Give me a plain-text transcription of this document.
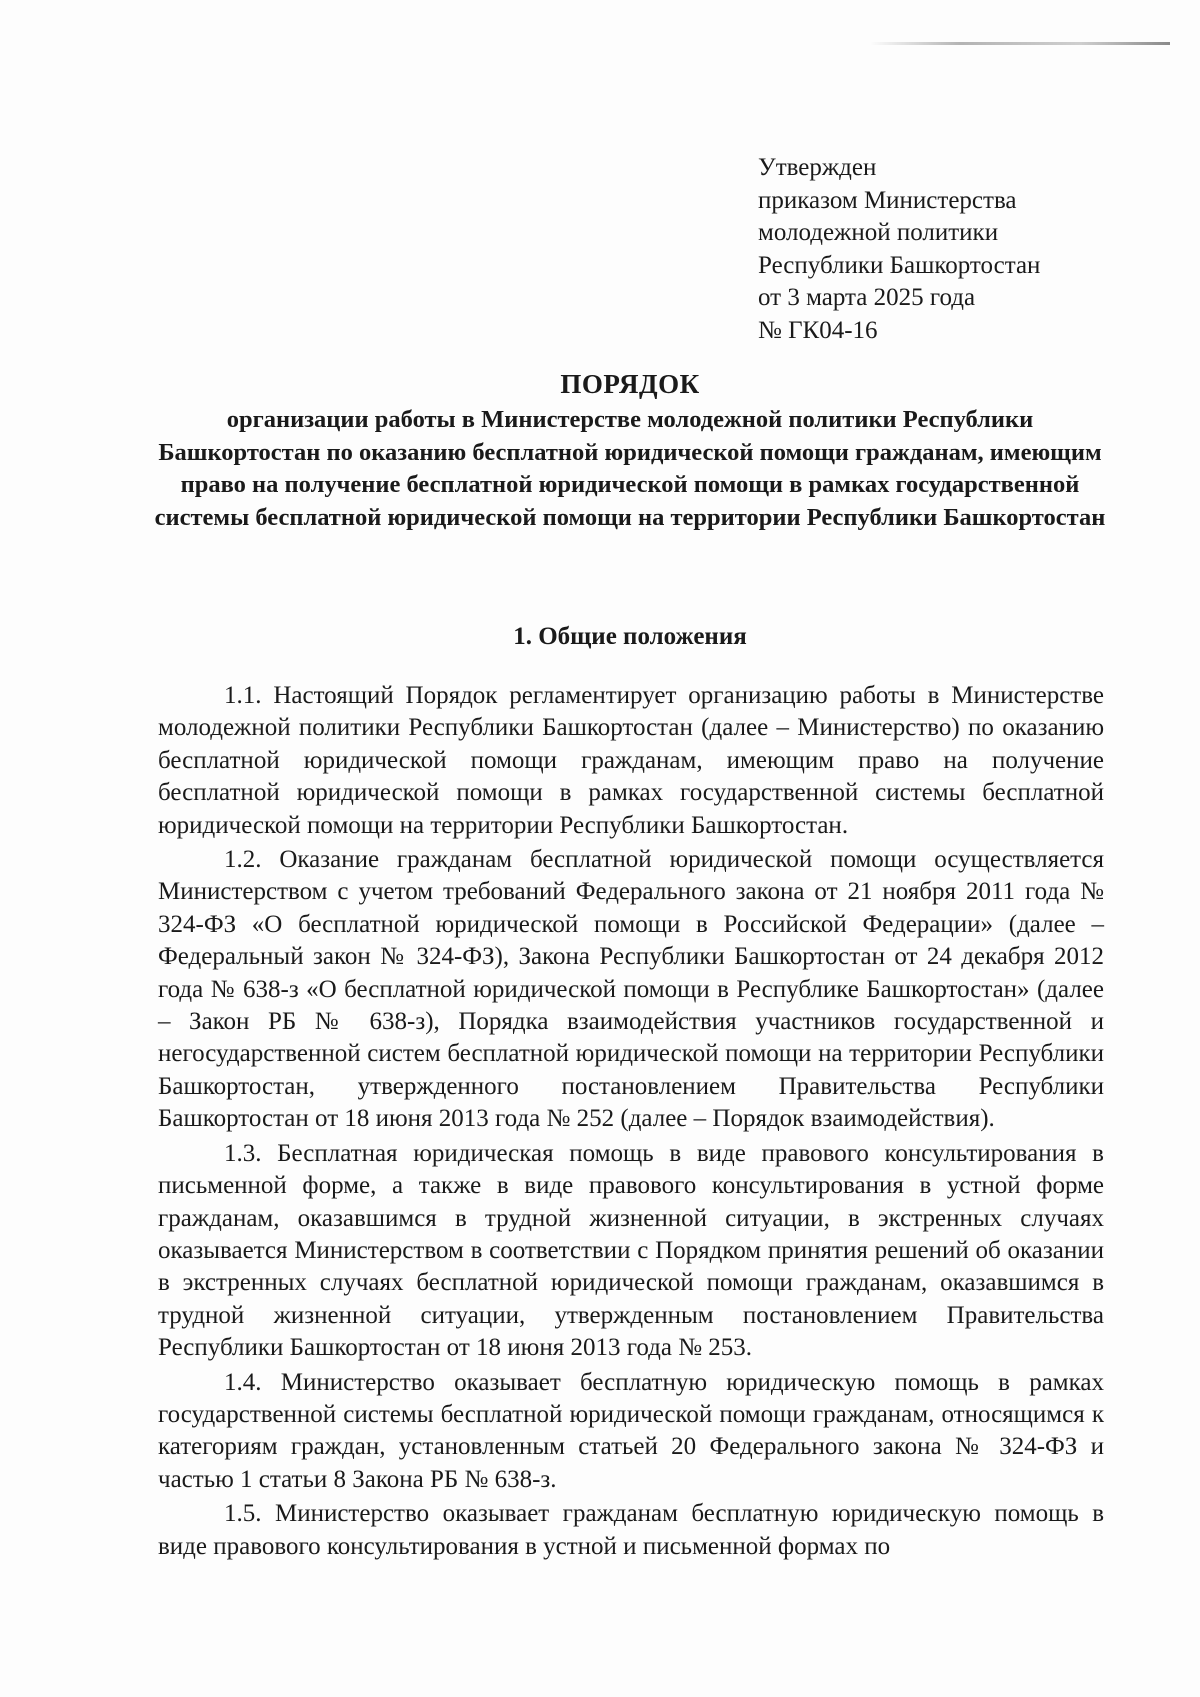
Утвержден
приказом Министерства
молодежной политики
Республики Башкортостан
от 3 марта 2025 года
№ ГК04-16
ПОРЯДОК
организации работы в Министерстве молодежной политики Республики Башкортостан по оказанию бесплатной юридической помощи гражданам, имеющим право на получение бесплатной юридической помощи в рамках государственной системы бесплатной юридической помощи на территории Республики Башкортостан
1. Общие положения

1.1. Настоящий Порядок регламентирует организацию работы в Министерстве молодежной политики Республики Башкортостан (далее – Министерство) по оказанию бесплатной юридической помощи гражданам, имеющим право на получение бесплатной юридической помощи в рамках государственной системы бесплатной юридической помощи на территории Республики Башкортостан.

1.2. Оказание гражданам бесплатной юридической помощи осуществляется Министерством с учетом требований Федерального закона от 21 ноября 2011 года № 324-ФЗ «О бесплатной юридической помощи в Российской Федерации» (далее – Федеральный закон № 324-ФЗ), Закона Республики Башкортостан от 24 декабря 2012 года № 638-з «О бесплатной юридической помощи в Республике Башкортостан» (далее – Закон РБ № 638-з), Порядка взаимодействия участников государственной и негосударственной систем бесплатной юридической помощи на территории Республики Башкортостан, утвержденного постановлением Правительства Республики Башкортостан от 18 июня 2013 года № 252 (далее – Порядок взаимодействия).

1.3. Бесплатная юридическая помощь в виде правового консультирования в письменной форме, а также в виде правового консультирования в устной форме гражданам, оказавшимся в трудной жизненной ситуации, в экстренных случаях оказывается Министерством в соответствии с Порядком принятия решений об оказании в экстренных случаях бесплатной юридической помощи гражданам, оказавшимся в трудной жизненной ситуации, утвержденным постановлением Правительства Республики Башкортостан от 18 июня 2013 года № 253.

1.4. Министерство оказывает бесплатную юридическую помощь в рамках государственной системы бесплатной юридической помощи гражданам, относящимся к категориям граждан, установленным статьей 20 Федерального закона № 324-ФЗ и частью 1 статьи 8 Закона РБ № 638-з.

1.5. Министерство оказывает гражданам бесплатную юридическую помощь в виде правового консультирования в устной и письменной формах по
